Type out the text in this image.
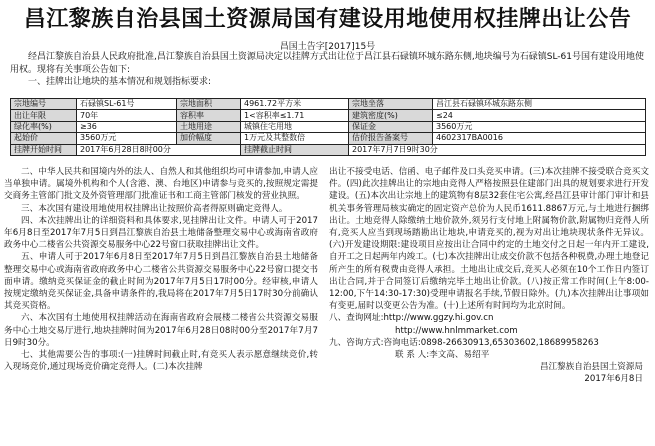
昌江黎族自治县国土资源局国有建设用地使用权挂牌出让公告
昌国土告字[2017]15号

经昌江黎族自治县人民政府批准,昌江黎族自治县国土资源局决定以挂牌方式出让位于昌江县石碌镇环城东路东侧,地块编号为石碌镇SL-61号国有建设用地使用权。现将有关事项公告如下:

一、挂牌出让地块的基本情况和规划指标要求:

宗地编号	石碌镇SL-61号	宗地面积	4961.72平方米	宗地坐落	昌江县石碌镇环城东路东侧
出让年限	70年	容积率	1<容积率≤1.71	建筑密度(%)	≤24
绿化率(%)	≥36	土地用途	城镇住宅用地	保证金	3560万元
起始价	3560万元	加价幅度	1万元及其整数倍	估价报告备案号	4602317BA0016
挂牌开始时间	2017年6月28日8时00分		挂牌截止时间	2017年7月7日9时30分	

二、中华人民共和国境内外的法人、自然人和其他组织均可申请参加,申请人应当单独申请。属境外机构和个人(含港、澳、台地区)申请参与竞买的,按照规定需提交商务主管部门批文及外资管理部门批准证书和工商主管部门核发的营业执照。

三、本次国有建设用地使用权挂牌出让按照价高者得原则确定竞得人。

四、本次挂牌出让的详细资料和具体要求,见挂牌出让文件。申请人可于2017年6月8日至2017年7月5日到昌江黎族自治县土地储备整理交易中心或海南省政府政务中心二楼省公共资源交易服务中心22号窗口获取挂牌出让文件。

五、申请人可于2017年6月8日至2017年7月5日到昌江黎族自治县土地储备整理交易中心或海南省政府政务中心二楼省公共资源交易服务中心22号窗口提交书面申请。缴纳竞买保证金的截止时间为2017年7月5日17时00分。经审核,申请人按规定缴纳竞买保证金,具备申请条件的,我局将在2017年7月5日17时30分前确认其竞买资格。

六、本次国有土地使用权挂牌活动在海南省政府会展楼二楼省公共资源交易服务中心土地交易厅进行,地块挂牌时间为2017年6月28日08时00分至2017年7月7日9时30分。

七、其他需要公告的事项:(一)挂牌时间截止时,有竞买人表示愿意继续竞价,转入现场竞价,通过现场竞价确定竞得人。(二)本次挂牌

出让不接受电话、信函、电子邮件及口头竞买申请。(三)本次挂牌不接受联合竞买文件。(四)此次挂牌出让的宗地由竞得人严格按照县住建部门出具的规划要求进行开发建设。(五)本次出让宗地上的建筑物有8层32套住宅公寓,经昌江县审计部门审计和县机关事务管理局核实确定的固定资产总价为人民币1611.8867万元,与土地进行捆绑出让。土地竞得人除缴纳土地价款外,须另行支付地上附属物价款,附属物归竞得人所有,竞买人应当到现场踏勘出让地块,申请竞买的,视为对出让地块现状条件无异议。(六)开发建设期限:建设项目应按出让合同中约定的土地交付之日起一年内开工建设,自开工之日起两年内竣工。(七)本次挂牌出让成交价款不包括各种税费,办理土地登记所产生的所有税费由竞得人承担。土地出让成交后,竞买人必须在10个工作日内签订出让合同,并于合同签订后缴纳完毕土地出让价款。(八)按正常工作时间(上午8:00-12:00,下午14:30-17:30)受理申请报名手续,节假日除外。(九)本次挂牌出让事项如有变更,届时以变更公告为准。(十)上述所有时间均为北京时间。

八、查询网址:http://www.ggzy.hi.gov.cn

http://www.hnlmmarket.com

九、咨询方式:咨询电话:0898-26630913,65303602,18689958263

联 系 人:李文高、易绍平

昌江黎族自治县国土资源局

2017年6月8日
